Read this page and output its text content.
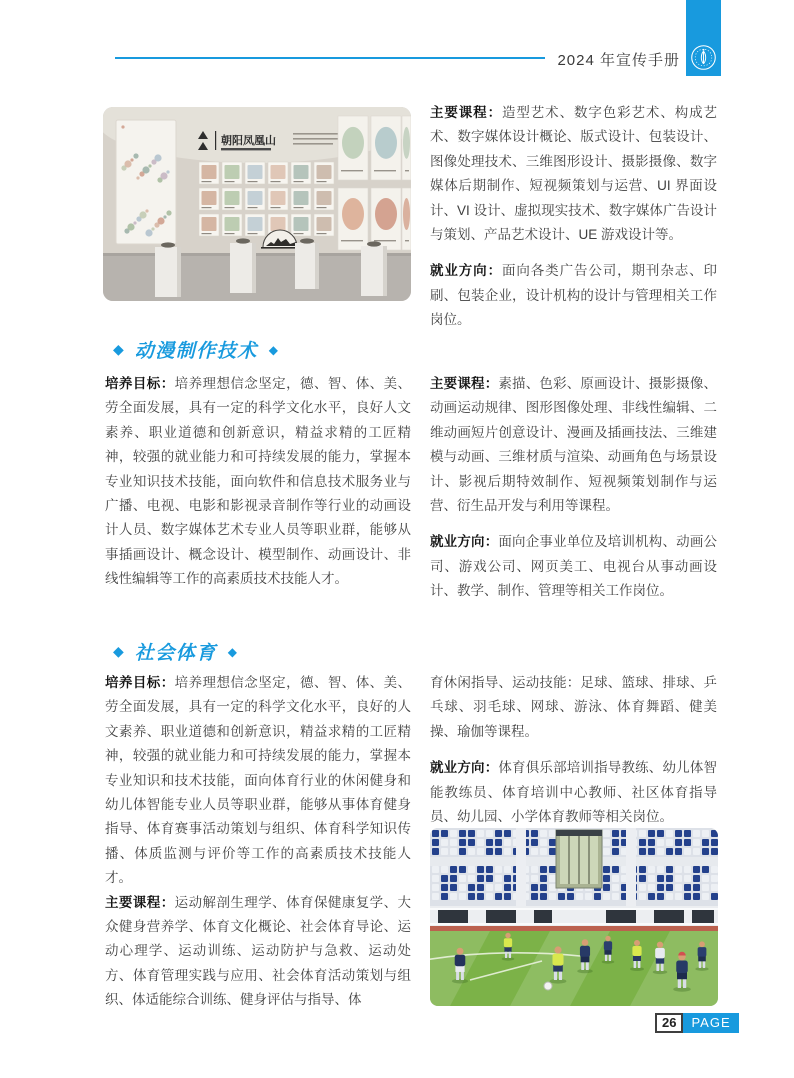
2024 年宣传手册
朝阳凤凰山

主要课程：造型艺术、数字色彩艺术、构成艺术、数字媒体设计概论、版式设计、包装设计、图像处理技术、三维图形设计、摄影摄像、数字媒体后期制作、短视频策划与运营、UI 界面设计、VI 设计、虚拟现实技术、数字媒体广告设计与策划、产品艺术设计、UE 游戏设计等。

就业方向：面向各类广告公司，期刊杂志、印刷、包装企业，设计机构的设计与管理相关工作岗位。

◆ 动漫制作技术 ◆

培养目标：培养理想信念坚定，德、智、体、美、劳全面发展，具有一定的科学文化水平，良好人文素养、职业道德和创新意识，精益求精的工匠精神，较强的就业能力和可持续发展的能力，掌握本专业知识技术技能，面向软件和信息技术服务业与广播、电视、电影和影视录音制作等行业的动画设计人员、数字媒体艺术专业人员等职业群，能够从事插画设计、概念设计、模型制作、动画设计、非线性编辑等工作的高素质技术技能人才。

主要课程：素描、色彩、原画设计、摄影摄像、动画运动规律、图形图像处理、非线性编辑、二维动画短片创意设计、漫画及插画技法、三维建模与动画、三维材质与渲染、动画角色与场景设计、影视后期特效制作、短视频策划制作与运营、衍生品开发与利用等课程。

就业方向：面向企事业单位及培训机构、动画公司、游戏公司、网页美工、电视台从事动画设计、教学、制作、管理等相关工作岗位。

◆ 社会体育 ◆

培养目标：培养理想信念坚定，德、智、体、美、劳全面发展，具有一定的科学文化水平，良好的人文素养、职业道德和创新意识，精益求精的工匠精神，较强的就业能力和可持续发展的能力，掌握本专业知识和技术技能，面向体育行业的休闲健身和幼儿体智能专业人员等职业群，能够从事体育健身指导、体育赛事活动策划与组织、体育科学知识传播、体质监测与评价等工作的高素质技术技能人才。

主要课程：运动解剖生理学、体育保健康复学、大众健身营养学、体育文化概论、社会体育导论、运动心理学、运动训练、运动防护与急救、运动处方、体育管理实践与应用、社会体育活动策划与组织、体适能综合训练、健身评估与指导、体

育休闲指导、运动技能：足球、篮球、排球、乒乓球、羽毛球、网球、游泳、体育舞蹈、健美操、瑜伽等课程。

就业方向：体育俱乐部培训指导教练、幼儿体智能教练员、体育培训中心教师、社区体育指导员、幼儿园、小学体育教师等相关岗位。

26	PAGE
